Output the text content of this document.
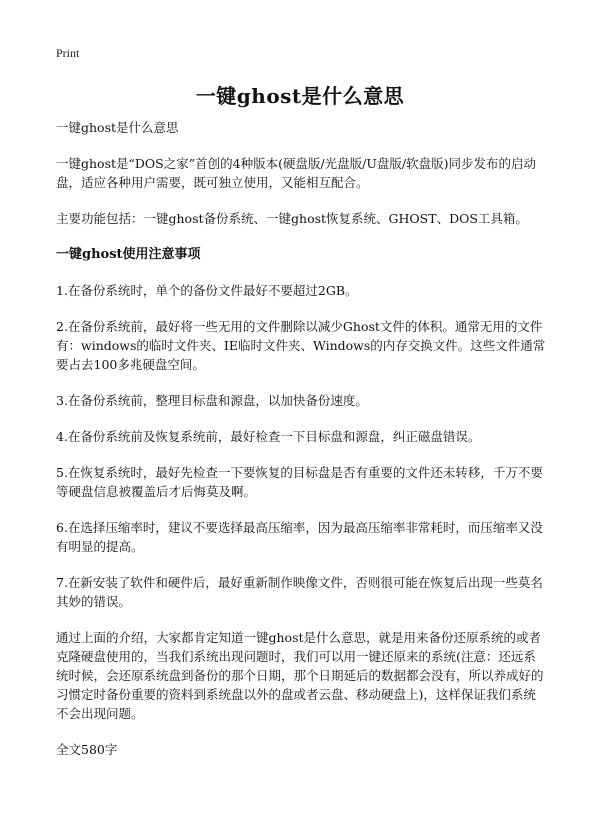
Print
一键ghost是什么意思

一键ghost是什么意思

一键ghost是“DOS之家”首创的4种版本(硬盘版/光盘版/U盘版/软盘版)同步发布的启动盘，适应各种用户需要，既可独立使用，又能相互配合。

主要功能包括：一键ghost备份系统、一键ghost恢复系统、GHOST、DOS工具箱。

一键ghost使用注意事项

1.在备份系统时，单个的备份文件最好不要超过2GB。

2.在备份系统前，最好将一些无用的文件删除以减少Ghost文件的体积。通常无用的文件有：windows的临时文件夹、IE临时文件夹、Windows的内存交换文件。这些文件通常要占去100多兆硬盘空间。

3.在备份系统前，整理目标盘和源盘，以加快备份速度。

4.在备份系统前及恢复系统前，最好检查一下目标盘和源盘，纠正磁盘错误。

5.在恢复系统时，最好先检查一下要恢复的目标盘是否有重要的文件还未转移，千万不要等硬盘信息被覆盖后才后悔莫及啊。

6.在选择压缩率时，建议不要选择最高压缩率，因为最高压缩率非常耗时，而压缩率又没有明显的提高。

7.在新安装了软件和硬件后，最好重新制作映像文件，否则很可能在恢复后出现一些莫名其妙的错误。

通过上面的介绍，大家都肯定知道一键ghost是什么意思，就是用来备份还原系统的或者克隆硬盘使用的，当我们系统出现问题时，我们可以用一键还原来的系统(注意：还远系统时候，会还原系统盘到备份的那个日期，那个日期延后的数据都会没有，所以养成好的习惯定时备份重要的资料到系统盘以外的盘或者云盘、移动硬盘上)，这样保证我们系统不会出现问题。

全文580字
